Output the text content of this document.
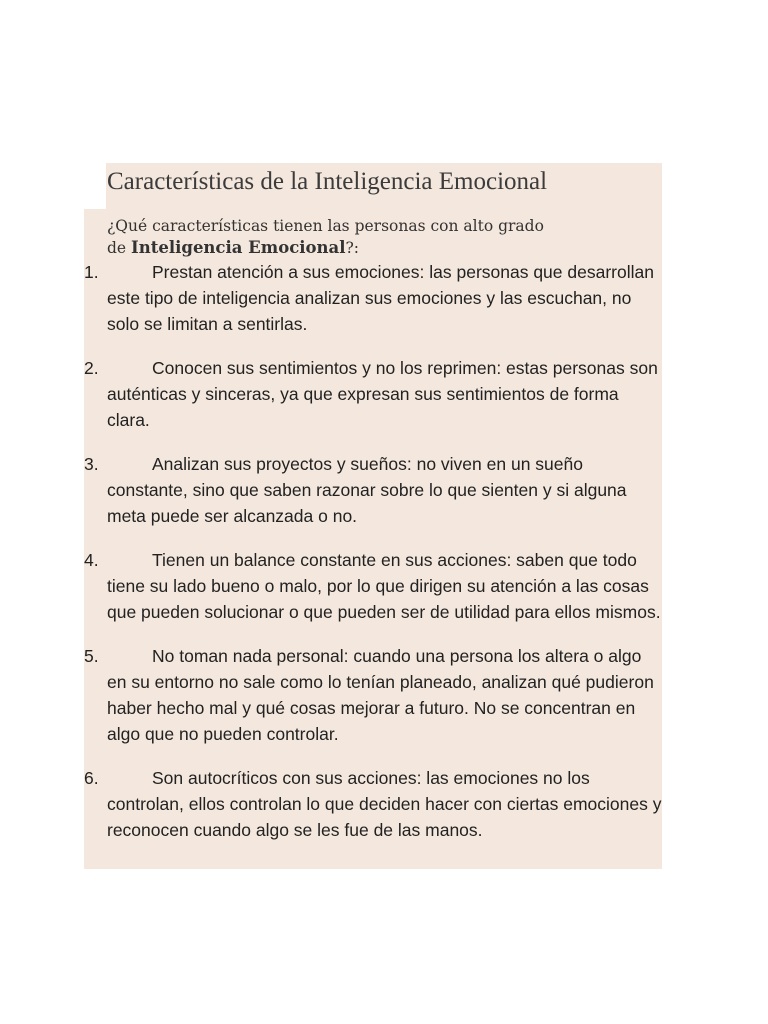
Características de la Inteligencia Emocional

¿Qué características tienen las personas con alto grado
de Inteligencia Emocional?:

1.	Prestan atención a sus emociones: las personas que desarrollan este tipo de inteligencia analizan sus emociones y las escuchan, no solo se limitan a sentirlas.
2.	Conocen sus sentimientos y no los reprimen: estas personas son auténticas y sinceras, ya que expresan sus sentimientos de forma clara.
3.	Analizan sus proyectos y sueños: no viven en un sueño constante, sino que saben razonar sobre lo que sienten y si alguna meta puede ser alcanzada o no.
4.	Tienen un balance constante en sus acciones: saben que todo tiene su lado bueno o malo, por lo que dirigen su atención a las cosas que pueden solucionar o que pueden ser de utilidad para ellos mismos.
5.	No toman nada personal: cuando una persona los altera o algo en su entorno no sale como lo tenían planeado, analizan qué pudieron haber hecho mal y qué cosas mejorar a futuro. No se concentran en algo que no pueden controlar.
6.	Son autocríticos con sus acciones: las emociones no los controlan, ellos controlan lo que deciden hacer con ciertas emociones y reconocen cuando algo se les fue de las manos.
